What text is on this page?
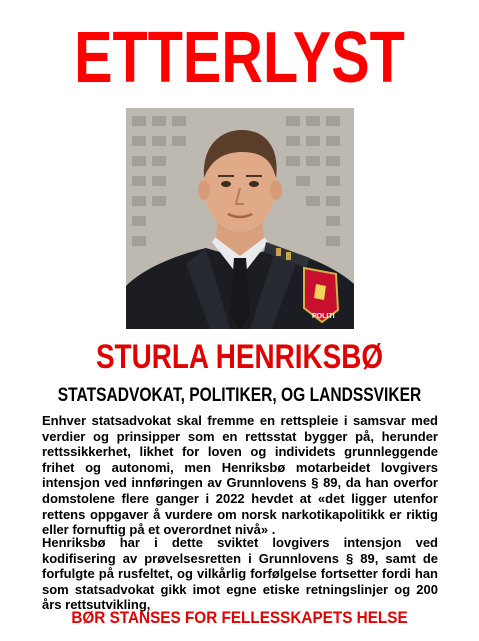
ETTERLYST
POLITI
STURLA HENRIKSBØ
STATSADVOKAT, POLITIKER, OG LANDSSVIKER
Enhver statsadvokat skal fremme en rettspleie i samsvar med verdier og prinsipper som en rettsstat bygger på, herunder rettssikkerhet, likhet for loven og individets grunnleggende frihet og autonomi, men Henriksbø motarbeidet lovgivers intensjon ved innføringen av Grunnlovens § 89, da han overfor domstolene flere ganger i 2022 hevdet at «det ligger utenfor rettens oppgaver å vurdere om norsk narkotikapolitikk er riktig eller fornuftig på et overordnet nivå» .
Henriksbø har i dette sviktet lovgivers intensjon ved kodifisering av prøvelsesretten i Grunnlovens § 89, samt de forfulgte på rusfeltet, og vilkårlig forfølgelse fortsetter fordi han som statsadvokat gikk imot egne etiske retningslinjer og 200 års rettsutvikling,
BØR STANSES FOR FELLESSKAPETS HELSE
